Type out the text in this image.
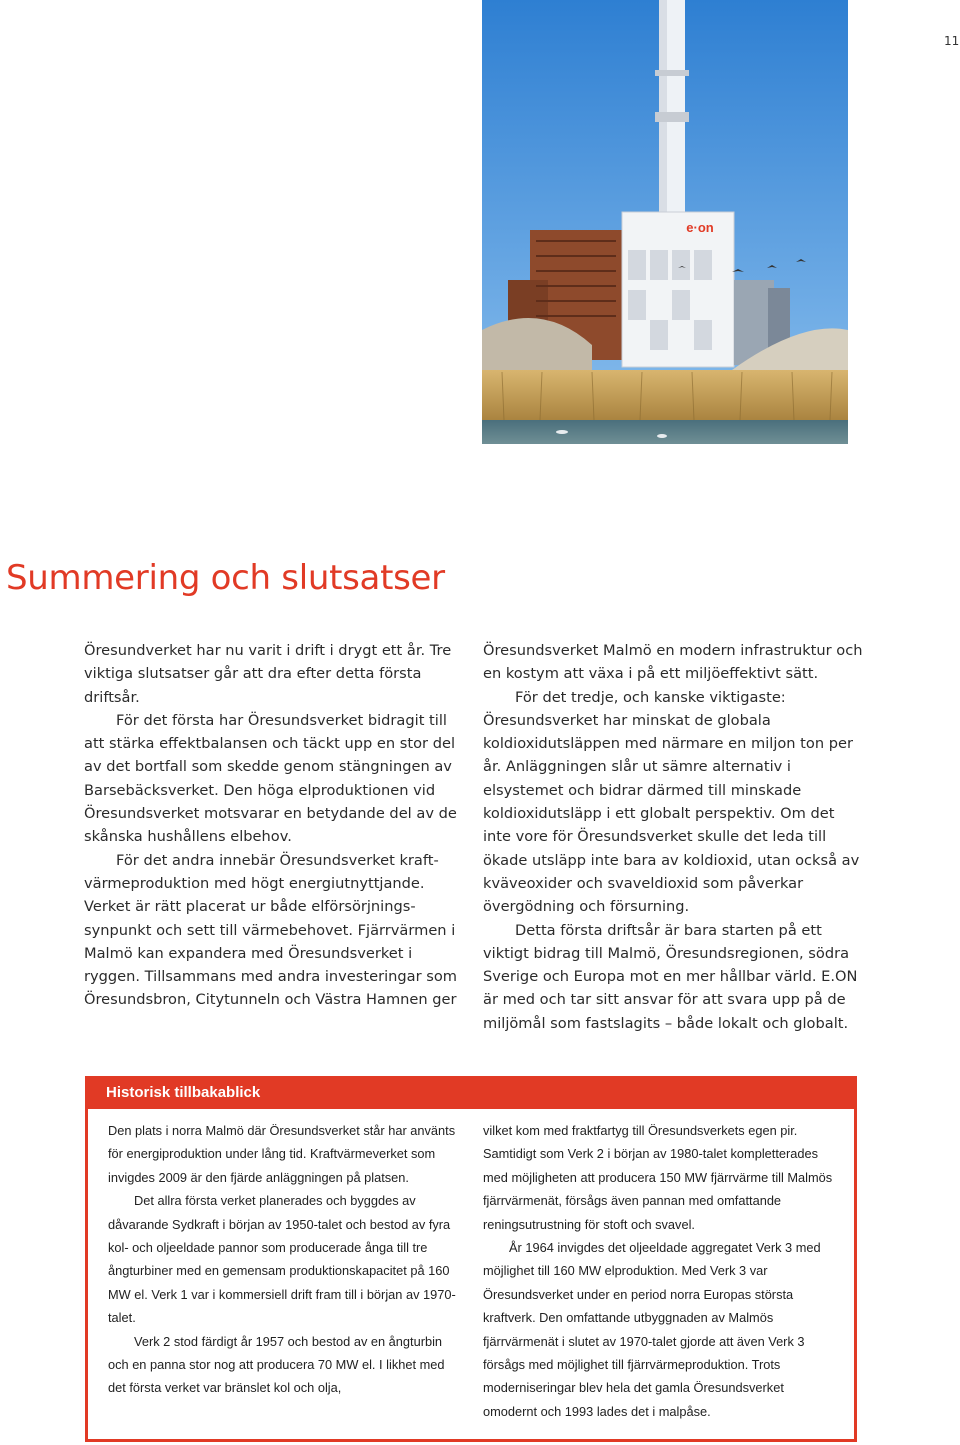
11
e·on
Summering och slutsatser

Öresundverket har nu varit i drift i drygt ett år. Tre viktiga slutsatser går att dra efter detta första driftsår.

För det första har Öresundsverket bidragit till att stärka effektbalansen och täckt upp en stor del av det bortfall som skedde genom stängningen av Barsebäcksverket. Den höga elproduktionen vid Öresundsverket motsvarar en betydande del av de skånska hushållens elbehov.

För det andra innebär Öresundsverket kraftvärmeproduktion med högt energiutnyttjande. Verket är rätt placerat ur både elförsörjningssynpunkt och sett till värmebehovet. Fjärrvärmen i Malmö kan expandera med Öresundsverket i ryggen. Tillsammans med andra investeringar som Öresundsbron, Citytunneln och Västra Hamnen ger

Öresundsverket Malmö en modern infrastruktur och en kostym att växa i på ett miljöeffektivt sätt.

För det tredje, och kanske viktigaste: Öresundsverket har minskat de globala koldioxidutsläppen med närmare en miljon ton per år. Anläggningen slår ut sämre alternativ i elsystemet och bidrar därmed till minskade koldioxidutsläpp i ett globalt perspektiv. Om det inte vore för Öresundsverket skulle det leda till ökade utsläpp inte bara av koldioxid, utan också av kväveoxider och svaveldioxid som påverkar övergödning och försurning.

Detta första driftsår är bara starten på ett viktigt bidrag till Malmö, Öresundsregionen, södra Sverige och Europa mot en mer hållbar värld. E.ON är med och tar sitt ansvar för att svara upp på de miljömål som fastslagits – både lokalt och globalt.

Historisk tillbakablick

Den plats i norra Malmö där Öresundsverket står har använts för energiproduktion under lång tid. Kraftvärmeverket som invigdes 2009 är den fjärde anläggningen på platsen.

Det allra första verket planerades och byggdes av dåvarande Sydkraft i början av 1950-talet och bestod av fyra kol- och oljeeldade pannor som producerade ånga till tre ångturbiner med en gemensam produktionskapacitet på 160 MW el. Verk 1 var i kommersiell drift fram till i början av 1970-talet.

Verk 2 stod färdigt år 1957 och bestod av en ångturbin och en panna stor nog att producera 70 MW el. I likhet med det första verket var bränslet kol och olja,

vilket kom med fraktfartyg till Öresundsverkets egen pir. Samtidigt som Verk 2 i början av 1980-talet kompletterades med möjligheten att producera 150 MW fjärrvärme till Malmös fjärrvärmenät, försågs även pannan med omfattande reningsutrustning för stoft och svavel.

År 1964 invigdes det oljeeldade aggregatet Verk 3 med möjlighet till 160 MW elproduktion. Med Verk 3 var Öresundsverket under en period norra Europas största kraftverk. Den omfattande utbyggnaden av Malmös fjärrvärmenät i slutet av 1970-talet gjorde att även Verk 3 försågs med möjlighet till fjärrvärmeproduktion. Trots moderniseringar blev hela det gamla Öresundsverket omodernt och 1993 lades det i malpåse.
